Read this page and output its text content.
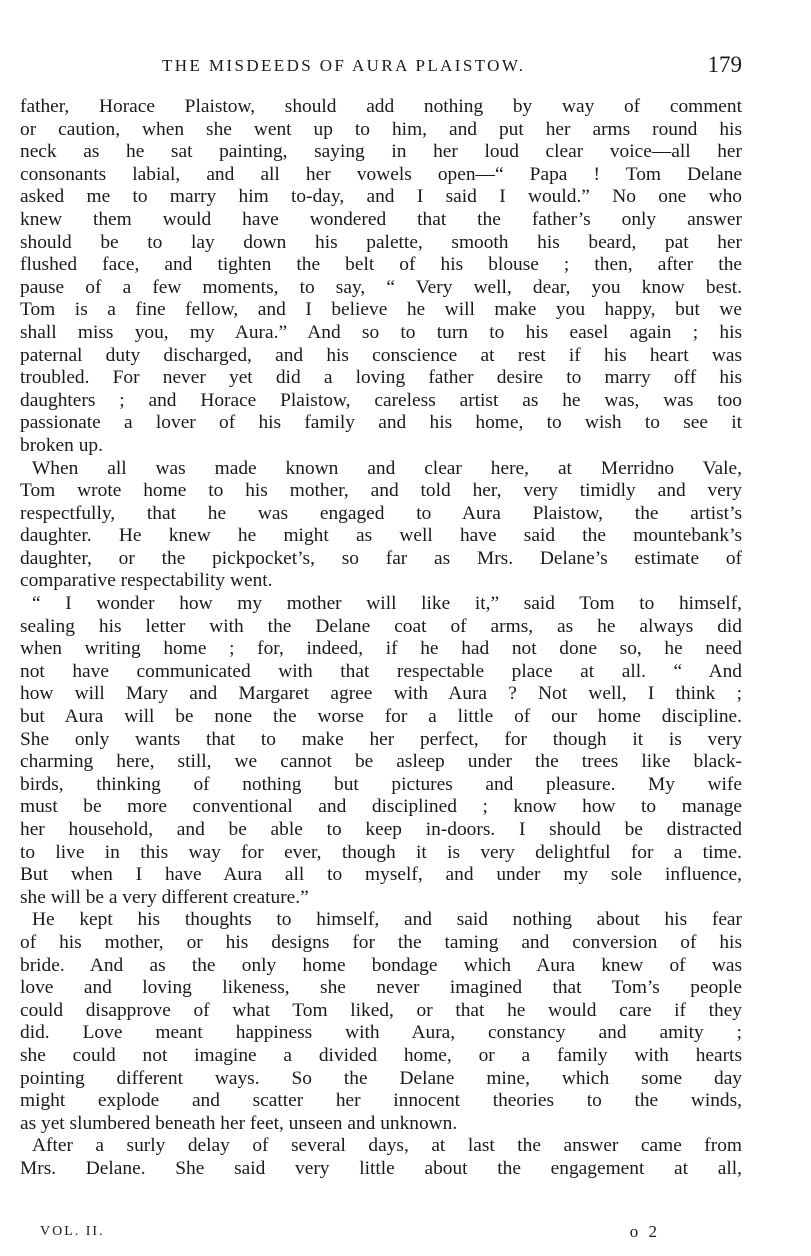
THE MISDEEDS OF AURA PLAISTOW.	179
father, Horace Plaistow, should add nothing by way of comment
or caution, when she went up to him, and put her arms round his
neck as he sat painting, saying in her loud clear voice—all her
consonants labial, and all her vowels open—“ Papa ! Tom Delane
asked me to marry him to-day, and I said I would.” No one who
knew them would have wondered that the father’s only answer
should be to lay down his palette, smooth his beard, pat her
flushed face, and tighten the belt of his blouse ; then, after the
pause of a few moments, to say, “ Very well, dear, you know best.
Tom is a fine fellow, and I believe he will make you happy, but we
shall miss you, my Aura.” And so to turn to his easel again ; his
paternal duty discharged, and his conscience at rest if his heart was
troubled. For never yet did a loving father desire to marry off his
daughters ; and Horace Plaistow, careless artist as he was, was too
passionate a lover of his family and his home, to wish to see it
broken up.
When all was made known and clear here, at Merridno Vale,
Tom wrote home to his mother, and told her, very timidly and very
respectfully, that he was engaged to Aura Plaistow, the artist’s
daughter. He knew he might as well have said the mountebank’s
daughter, or the pickpocket’s, so far as Mrs. Delane’s estimate of
comparative respectability went.
“ I wonder how my mother will like it,” said Tom to himself,
sealing his letter with the Delane coat of arms, as he always did
when writing home ; for, indeed, if he had not done so, he need
not have communicated with that respectable place at all. “ And
how will Mary and Margaret agree with Aura ? Not well, I think ;
but Aura will be none the worse for a little of our home discipline.
She only wants that to make her perfect, for though it is very
charming here, still, we cannot be asleep under the trees like black-
birds, thinking of nothing but pictures and pleasure. My wife
must be more conventional and disciplined ; know how to manage
her household, and be able to keep in-doors. I should be distracted
to live in this way for ever, though it is very delightful for a time.
But when I have Aura all to myself, and under my sole influence,
she will be a very different creature.”
He kept his thoughts to himself, and said nothing about his fear
of his mother, or his designs for the taming and conversion of his
bride. And as the only home bondage which Aura knew of was
love and loving likeness, she never imagined that Tom’s people
could disapprove of what Tom liked, or that he would care if they
did. Love meant happiness with Aura, constancy and amity ;
she could not imagine a divided home, or a family with hearts
pointing different ways. So the Delane mine, which some day
might explode and scatter her innocent theories to the winds,
as yet slumbered beneath her feet, unseen and unknown.
After a surly delay of several days, at last the answer came from
Mrs. Delane. She said very little about the engagement at all,
VOL. II.	o 2
